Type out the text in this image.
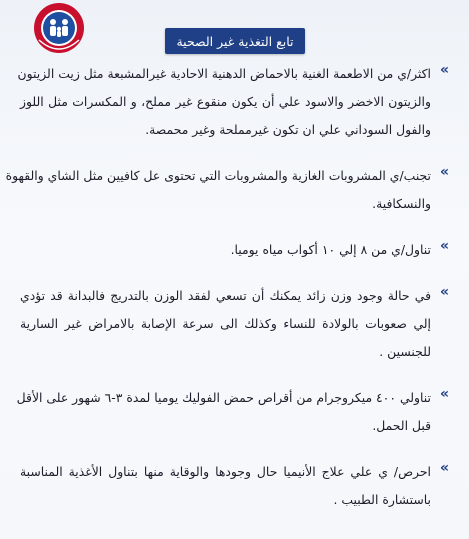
تابع التغذية غير الصحية
»
اكثر/ي من الاطعمة الغنية بالاحماض الدهنية الاحادية غيرالمشبعة مثل زيت الزيتون
والزيتون الاخضر والاسود علي أن يكون منقوع غير مملح، و المكسرات مثل اللوز
والفول السوداني علي ان تكون غيرمملحة وغير محمصة.
»
تجنب/ي المشروبات الغازية والمشروبات التي تحتوى عل كافيين مثل الشاي والقهوة
والنسكافية.
»
تناول/ي من ٨ إلي ١٠ أكواب مياه يوميا.
»
في حالة وجود وزن زائد يمكنك أن تسعي لفقد الوزن بالتدريج فالبدانة قد تؤدي
إلي صعوبات بالولادة للنساء وكذلك الى سرعة الإصابة بالامراض غير السارية
للجنسين .
»
تناولي ٤٠٠ ميكروجرام من أقراص حمض الفوليك يوميا لمدة ٣-٦ شهور على الأقل
قبل الحمل.
»
احرص/ ي علي علاج الأنيميا حال وجودها والوقاية منها بتناول الأغذية المناسبة
باستشارة الطبيب .
